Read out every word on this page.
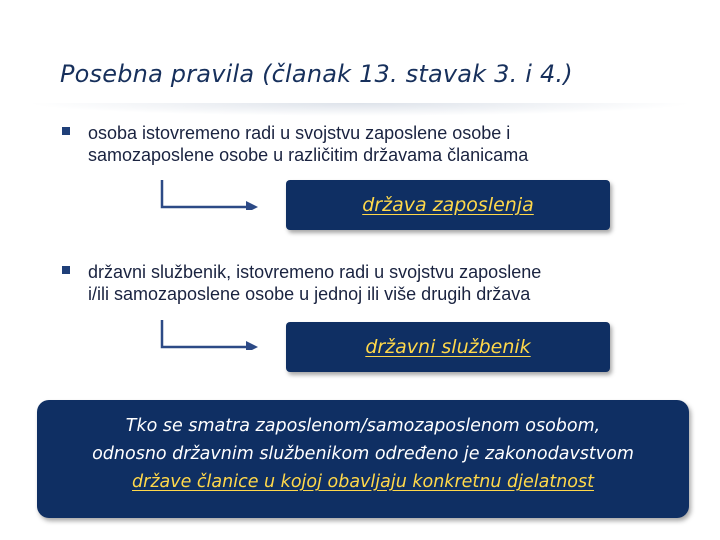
Posebna pravila (članak 13. stavak 3. i 4.)
osoba istovremeno radi u svojstvu zaposlene osobe i
samozaposlene osobe u različitim državama članicama
država zaposlenja
državni službenik, istovremeno radi u svojstvu zaposlene
i/ili samozaposlene osobe u jednoj ili više drugih država
državni službenik
Tko se smatra zaposlenom/samozaposlenom osobom,
odnosno državnim službenikom određeno je zakonodavstvom
države članice u kojoj obavljaju konkretnu djelatnost
